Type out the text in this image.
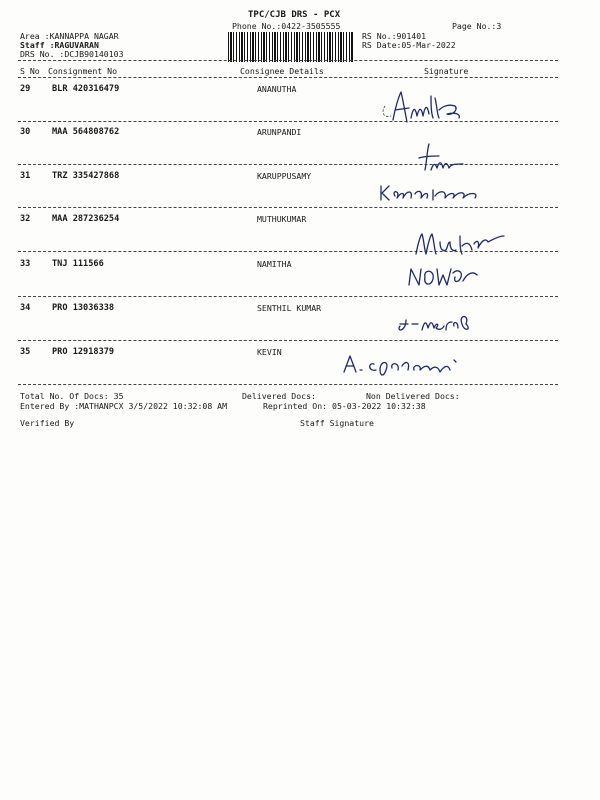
TPC/CJB DRS - PCX
Phone No.:0422-3505555	Page No.:3
Area :KANNAPPA NAGAR
Staff :RAGUVARAN
DRS No. :DCJB90140103
RS No.:901401
RS Date:05-Mar-2022
S No Consignment No	Consignee Details	Signature
29	BLR 420316479	ANANUTHA
30	MAA 564808762	ARUNPANDI
31	TRZ 335427868	KARUPPUSAMY
32	MAA 287236254	MUTHUKUMAR
33	TNJ 111566	NAMITHA
34	PRO 13036338	SENTHIL KUMAR
35	PRO 12918379	KEVIN
Total No. Of Docs: 35	Delivered Docs:	Non Delivered Docs:
Entered By :MATHANPCX 3/5/2022 10:32:08 AM	Reprinted On: 05-03-2022 10:32:38
Verified By	Staff Signature
